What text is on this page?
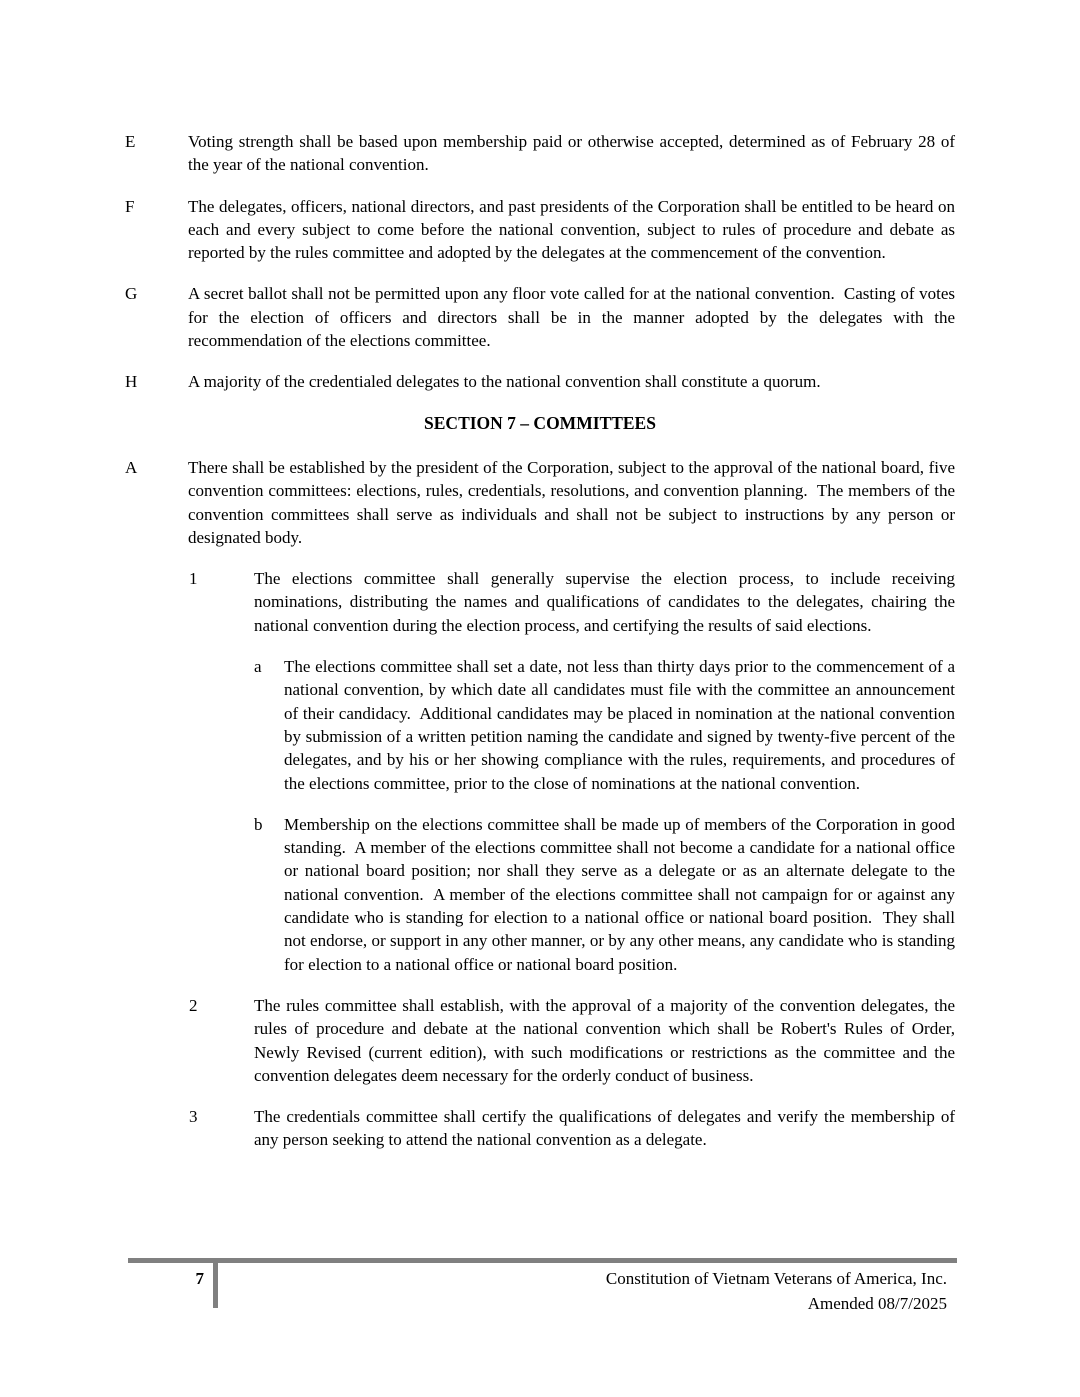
E	Voting strength shall be based upon membership paid or otherwise accepted, determined as of February 28 of the year of the national convention.

F	The delegates, officers, national directors, and past presidents of the Corporation shall be entitled to be heard on each and every subject to come before the national convention, subject to rules of procedure and debate as reported by the rules committee and adopted by the delegates at the commencement of the convention.

G	A secret ballot shall not be permitted upon any floor vote called for at the national convention.  Casting of votes for the election of officers and directors shall be in the manner adopted by the delegates with the recommendation of the elections committee.

H	A majority of the credentialed delegates to the national convention shall constitute a quorum.

SECTION 7 – COMMITTEES
A	There shall be established by the president of the Corporation, subject to the approval of the national board, five convention committees: elections, rules, credentials, resolutions, and convention planning.  The members of the convention committees shall serve as individuals and shall not be subject to instructions by any person or designated body.

1	The elections committee shall generally supervise the election process, to include receiving nominations, distributing the names and qualifications of candidates to the delegates, chairing the national convention during the election process, and certifying the results of said elections.

a	The elections committee shall set a date, not less than thirty days prior to the commencement of a national convention, by which date all candidates must file with the committee an announcement of their candidacy.  Additional candidates may be placed in nomination at the national convention by submission of a written petition naming the candidate and signed by twenty-five percent of the delegates, and by his or her showing compliance with the rules, requirements, and procedures of the elections committee, prior to the close of nominations at the national convention.

b	Membership on the elections committee shall be made up of members of the Corporation in good standing.  A member of the elections committee shall not become a candidate for a national office or national board position; nor shall they serve as a delegate or as an alternate delegate to the national convention.  A member of the elections committee shall not campaign for or against any candidate who is standing for election to a national office or national board position.  They shall not endorse, or support in any other manner, or by any other means, any candidate who is standing for election to a national office or national board position.

2	The rules committee shall establish, with the approval of a majority of the convention delegates, the rules of procedure and debate at the national convention which shall be Robert's Rules of Order, Newly Revised (current edition), with such modifications or restrictions as the committee and the convention delegates deem necessary for the orderly conduct of business.

3	The credentials committee shall certify the qualifications of delegates and verify the membership of any person seeking to attend the national convention as a delegate.

7	Constitution of Vietnam Veterans of America, Inc.
Amended 08/7/2025
